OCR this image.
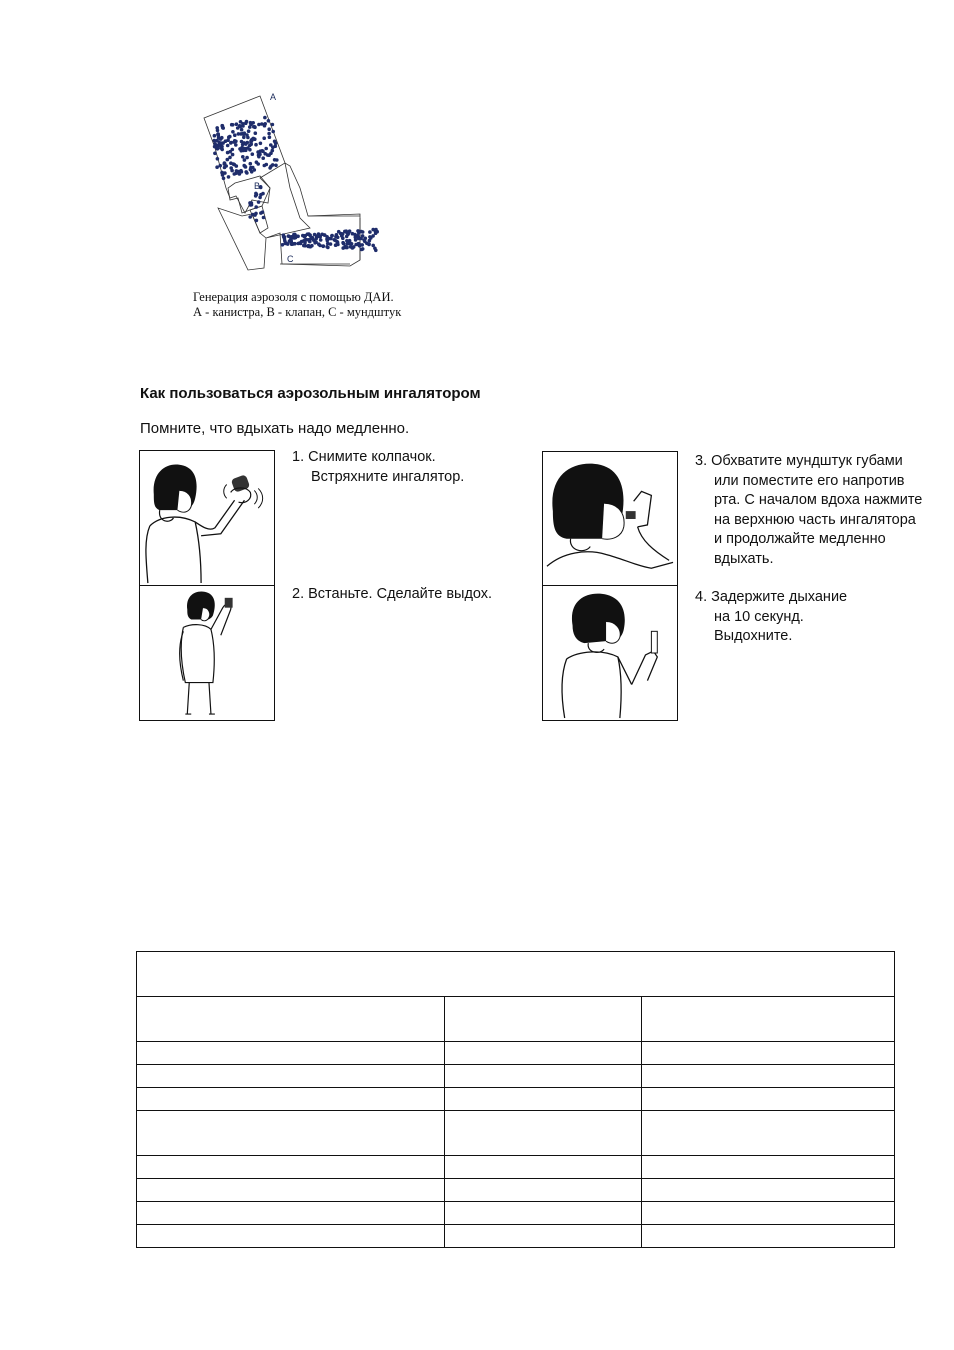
A
B
C
Генерация аэрозоля с помощью ДАИ.
А - канистра, В - клапан, С - мундштук
Как пользоваться аэрозольным ингалятором
Помните, что вдыхать надо медленно.
1. Снимите колпачок.
Встряхните ингалятор.
2. Встаньте. Сделайте выдох.
3. Обхватите мундштук губами
или поместите его напротив
рта. С началом вдоха нажмите
на верхнюю часть ингалятора
и продолжайте медленно
вдыхать.
4. Задержите дыхание
на 10 секунд.
Выдохните.
